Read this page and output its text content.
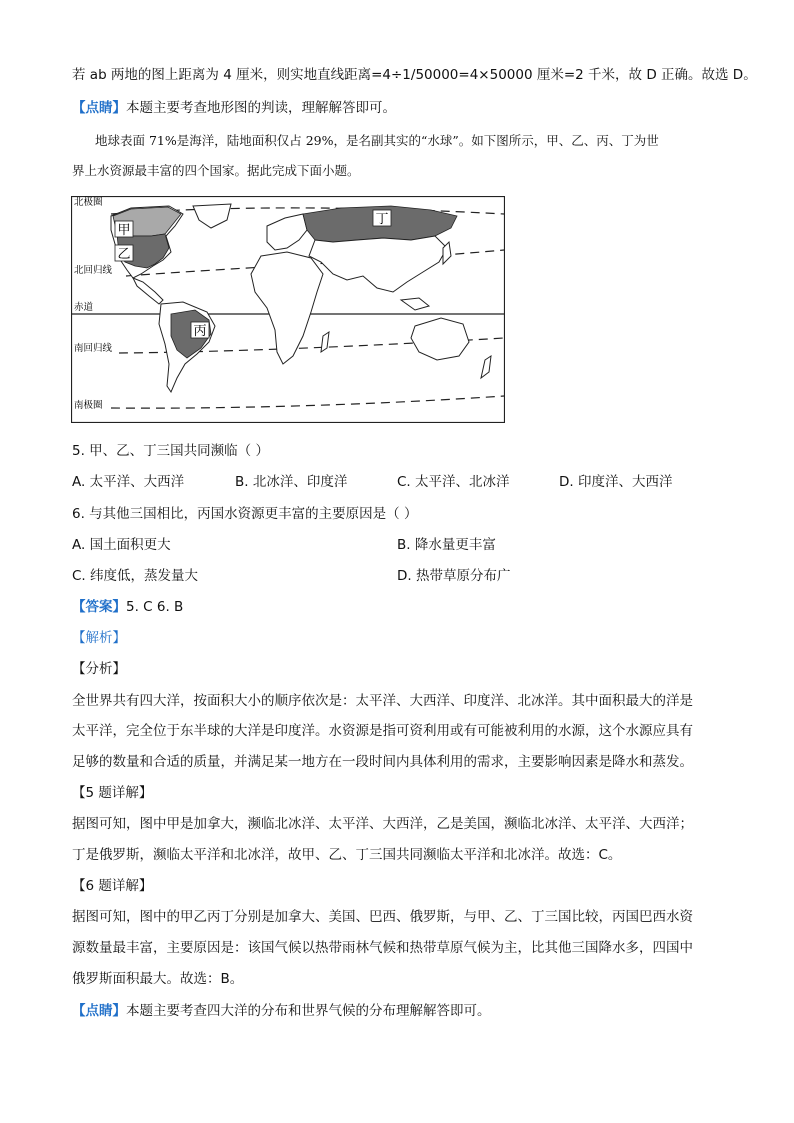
若 ab 两地的图上距离为 4 厘米，则实地直线距离=4÷1/50000=4×50000 厘米=2 千米，故 D 正确。故选 D。
【点睛】本题主要考查地形图的判读，理解解答即可。
地球表面 71%是海洋，陆地面积仅占 29%，是名副其实的“水球”。如下图所示，甲、乙、丙、丁为世
界上水资源最丰富的四个国家。据此完成下面小题。
甲
乙
丙
丁
北极圈
北回归线
赤道
南回归线
南极圈
5. 甲、乙、丁三国共同濒临（ ）
A. 太平洋、大西洋	B. 北冰洋、印度洋	C. 太平洋、北冰洋	D. 印度洋、大西洋
6. 与其他三国相比，丙国水资源更丰富的主要原因是（ ）
A. 国土面积更大	B. 降水量更丰富
C. 纬度低，蒸发量大	D. 热带草原分布广
【答案】5. C 6. B
【解析】
【分析】
全世界共有四大洋，按面积大小的顺序依次是：太平洋、大西洋、印度洋、北冰洋。其中面积最大的洋是
太平洋，完全位于东半球的大洋是印度洋。水资源是指可资利用或有可能被利用的水源，这个水源应具有
足够的数量和合适的质量，并满足某一地方在一段时间内具体利用的需求，主要影响因素是降水和蒸发。
【5 题详解】
据图可知，图中甲是加拿大，濒临北冰洋、太平洋、大西洋，乙是美国，濒临北冰洋、太平洋、大西洋；
丁是俄罗斯，濒临太平洋和北冰洋，故甲、乙、丁三国共同濒临太平洋和北冰洋。故选：C。
【6 题详解】
据图可知，图中的甲乙丙丁分别是加拿大、美国、巴西、俄罗斯，与甲、乙、丁三国比较，丙国巴西水资
源数量最丰富，主要原因是：该国气候以热带雨林气候和热带草原气候为主，比其他三国降水多，四国中
俄罗斯面积最大。故选：B。
【点睛】本题主要考查四大洋的分布和世界气候的分布理解解答即可。
